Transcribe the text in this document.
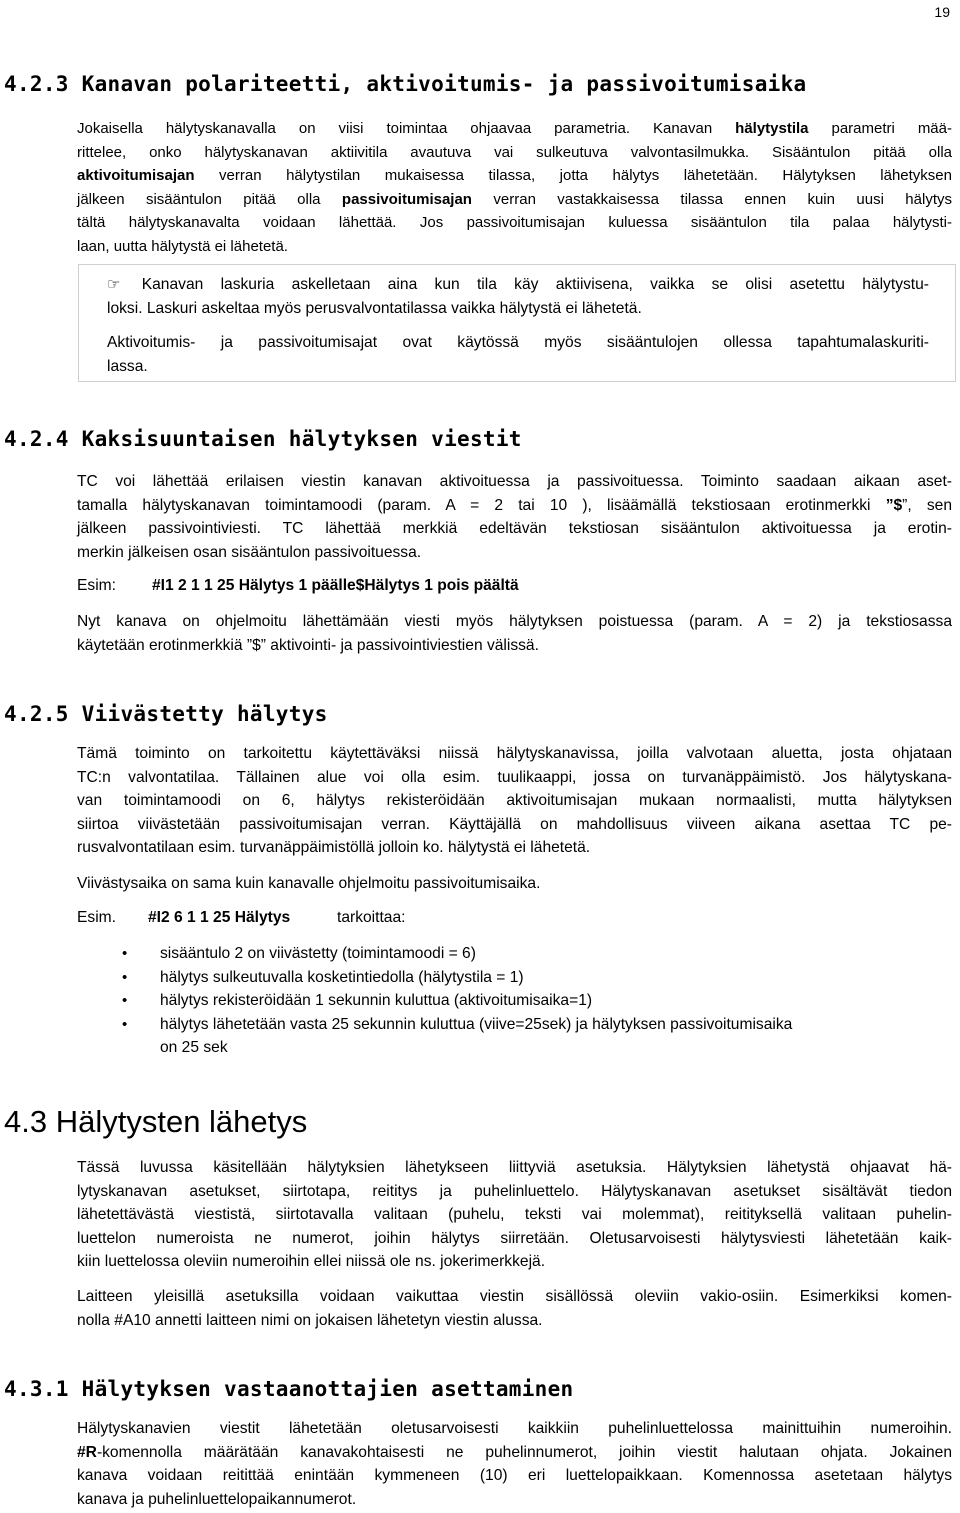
19
4.2.3 Kanavan polariteetti, aktivoitumis- ja passivoitumisaika
Jokaisella hälytyskanavalla on viisi toimintaa ohjaavaa parametria. Kanavan hälytystila parametri mää-
rittelee, onko hälytyskanavan aktiivitila avautuva vai sulkeutuva valvontasilmukka. Sisääntulon pitää olla
aktivoitumisajan verran hälytystilan mukaisessa tilassa, jotta hälytys lähetetään. Hälytyksen lähetyksen
jälkeen sisääntulon pitää olla passivoitumisajan verran vastakkaisessa tilassa ennen kuin uusi hälytys
tältä hälytyskanavalta voidaan lähettää. Jos passivoitumisajan kuluessa sisääntulon tila palaa hälytysti-
laan, uutta hälytystä ei lähetetä.
☞ Kanavan laskuria askelletaan aina kun tila käy aktiivisena, vaikka se olisi asetettu hälytystu-
loksi. Laskuri askeltaa myös perusvalvontatilassa vaikka hälytystä ei lähetetä.
Aktivoitumis- ja passivoitumisajat ovat käytössä myös sisääntulojen ollessa tapahtumalaskuriti-
lassa.
4.2.4 Kaksisuuntaisen hälytyksen viestit
TC voi lähettää erilaisen viestin kanavan aktivoituessa ja passivoituessa. Toiminto saadaan aikaan aset-
tamalla hälytyskanavan toimintamoodi (param. A = 2 tai 10 ), lisäämällä tekstiosaan erotinmerkki ”$”, sen
jälkeen passivointiviesti. TC lähettää merkkiä edeltävän tekstiosan sisääntulon aktivoituessa ja erotin-
merkin jälkeisen osan sisääntulon passivoituessa.
Esim: #I1 2 1 1 25 Hälytys 1 päälle$Hälytys 1 pois päältä
Nyt kanava on ohjelmoitu lähettämään viesti myös hälytyksen poistuessa (param. A = 2) ja tekstiosassa
käytetään erotinmerkkiä ”$” aktivointi- ja passivointiviestien välissä.
4.2.5 Viivästetty hälytys
Tämä toiminto on tarkoitettu käytettäväksi niissä hälytyskanavissa, joilla valvotaan aluetta, josta ohjataan
TC:n valvontatilaa. Tällainen alue voi olla esim. tuulikaappi, jossa on turvanäppäimistö. Jos hälytyskana-
van toimintamoodi on 6, hälytys rekisteröidään aktivoitumisajan mukaan normaalisti, mutta hälytyksen
siirtoa viivästetään passivoitumisajan verran. Käyttäjällä on mahdollisuus viiveen aikana asettaa TC pe-
rusvalvontatilaan esim. turvanäppäimistöllä jolloin ko. hälytystä ei lähetetä.
Viivästysaika on sama kuin kanavalle ohjelmoitu passivoitumisaika.
Esim. #I2 6 1 1 25 Hälytys	tarkoittaa:
• sisääntulo 2 on viivästetty (toimintamoodi = 6)
• hälytys sulkeutuvalla kosketintiedolla (hälytystila = 1)
• hälytys rekisteröidään 1 sekunnin kuluttua (aktivoitumisaika=1)
• hälytys lähetetään vasta 25 sekunnin kuluttua (viive=25sek) ja hälytyksen passivoitumisaika
on 25 sek
4.3 Hälytysten lähetys
Tässä luvussa käsitellään hälytyksien lähetykseen liittyviä asetuksia. Hälytyksien lähetystä ohjaavat hä-
lytyskanavan asetukset, siirtotapa, reititys ja puhelinluettelo. Hälytyskanavan asetukset sisältävät tiedon
lähetettävästä viestistä, siirtotavalla valitaan (puhelu, teksti vai molemmat), reitityksellä valitaan puhelin-
luettelon numeroista ne numerot, joihin hälytys siirretään. Oletusarvoisesti hälytysviesti lähetetään kaik-
kiin luettelossa oleviin numeroihin ellei niissä ole ns. jokerimerkkejä.
Laitteen yleisillä asetuksilla voidaan vaikuttaa viestin sisällössä oleviin vakio-osiin. Esimerkiksi komen-
nolla #A10 annetti laitteen nimi on jokaisen lähetetyn viestin alussa.
4.3.1 Hälytyksen vastaanottajien asettaminen
Hälytyskanavien viestit lähetetään oletusarvoisesti kaikkiin puhelinluettelossa mainittuihin numeroihin.
#R-komennolla määrätään kanavakohtaisesti ne puhelinnumerot, joihin viestit halutaan ohjata. Jokainen
kanava voidaan reitittää enintään kymmeneen (10) eri luettelopaikkaan. Komennossa asetetaan hälytys
kanava ja puhelinluettelopaikannumerot.
